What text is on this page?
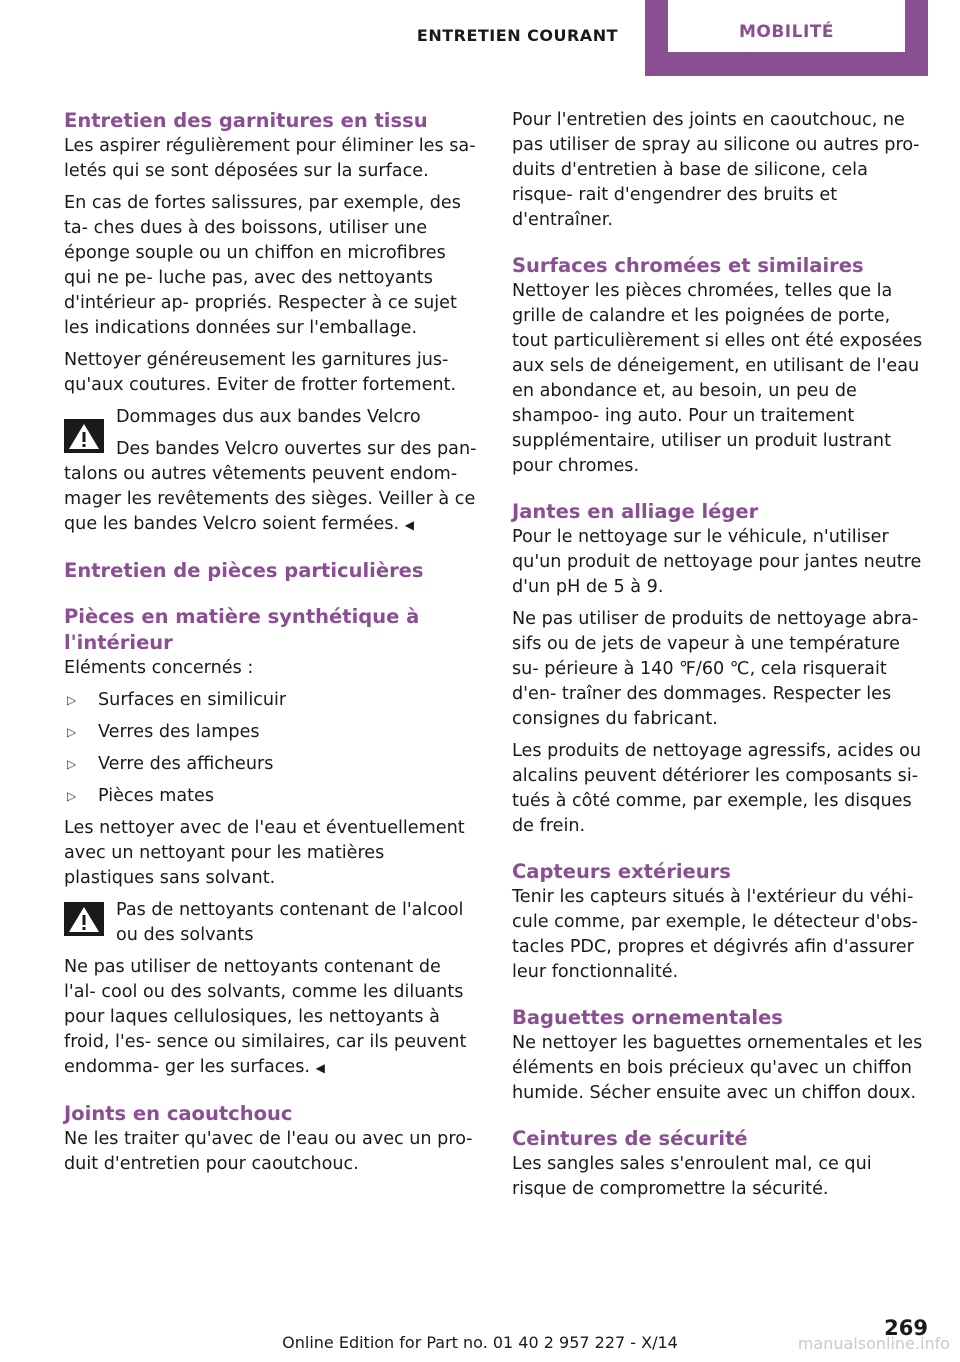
ENTRETIEN COURANT	MOBILITÉ
Entretien des garnitures en tissu

Les aspirer régulièrement pour éliminer les sa‐ letés qui se sont déposées sur la surface.

En cas de fortes salissures, par exemple, des ta‐ ches dues à des boissons, utiliser une éponge souple ou un chiffon en microfibres qui ne pe‐ luche pas, avec des nettoyants d'intérieur ap‐ propriés. Respecter à ce sujet les indications données sur l'emballage.

Nettoyer généreusement les garnitures jus‐ qu'aux coutures. Eviter de frotter fortement.

Dommages dus aux bandes Velcro

Des bandes Velcro ouvertes sur des pan‐ talons ou autres vêtements peuvent endom‐ mager les revêtements des sièges. Veiller à ce que les bandes Velcro soient fermées. ◀

Entretien de pièces particulières
Pièces en matière synthétique à l'intérieur

Eléments concernés :

▷ Surfaces en similicuir
▷ Verres des lampes
▷ Verre des afficheurs
▷ Pièces mates

Les nettoyer avec de l'eau et éventuellement avec un nettoyant pour les matières plastiques sans solvant.

Pas de nettoyants contenant de l'alcool ou des solvants

Ne pas utiliser de nettoyants contenant de l'al‐ cool ou des solvants, comme les diluants pour laques cellulosiques, les nettoyants à froid, l'es‐ sence ou similaires, car ils peuvent endomma‐ ger les surfaces. ◀

Joints en caoutchouc

Ne les traiter qu'avec de l'eau ou avec un pro‐ duit d'entretien pour caoutchouc.

Pour l'entretien des joints en caoutchouc, ne pas utiliser de spray au silicone ou autres pro‐ duits d'entretien à base de silicone, cela risque‐ rait d'engendrer des bruits et d'entraîner.

Surfaces chromées et similaires

Nettoyer les pièces chromées, telles que la grille de calandre et les poignées de porte, tout particulièrement si elles ont été exposées aux sels de déneigement, en utilisant de l'eau en abondance et, au besoin, un peu de shampoo‐ ing auto. Pour un traitement supplémentaire, utiliser un produit lustrant pour chromes.

Jantes en alliage léger

Pour le nettoyage sur le véhicule, n'utiliser qu'un produit de nettoyage pour jantes neutre d'un pH de 5 à 9.

Ne pas utiliser de produits de nettoyage abra‐ sifs ou de jets de vapeur à une température su‐ périeure à 140 ℉/60 ℃, cela risquerait d'en‐ traîner des dommages. Respecter les consignes du fabricant.

Les produits de nettoyage agressifs, acides ou alcalins peuvent détériorer les composants si‐ tués à côté comme, par exemple, les disques de frein.

Capteurs extérieurs

Tenir les capteurs situés à l'extérieur du véhi‐ cule comme, par exemple, le détecteur d'obs‐ tacles PDC, propres et dégivrés afin d'assurer leur fonctionnalité.

Baguettes ornementales

Ne nettoyer les baguettes ornementales et les éléments en bois précieux qu'avec un chiffon humide. Sécher ensuite avec un chiffon doux.

Ceintures de sécurité

Les sangles sales s'enroulent mal, ce qui risque de compromettre la sécurité.

269
Online Edition for Part no. 01 40 2 957 227 - X/14	manualsonline.info
